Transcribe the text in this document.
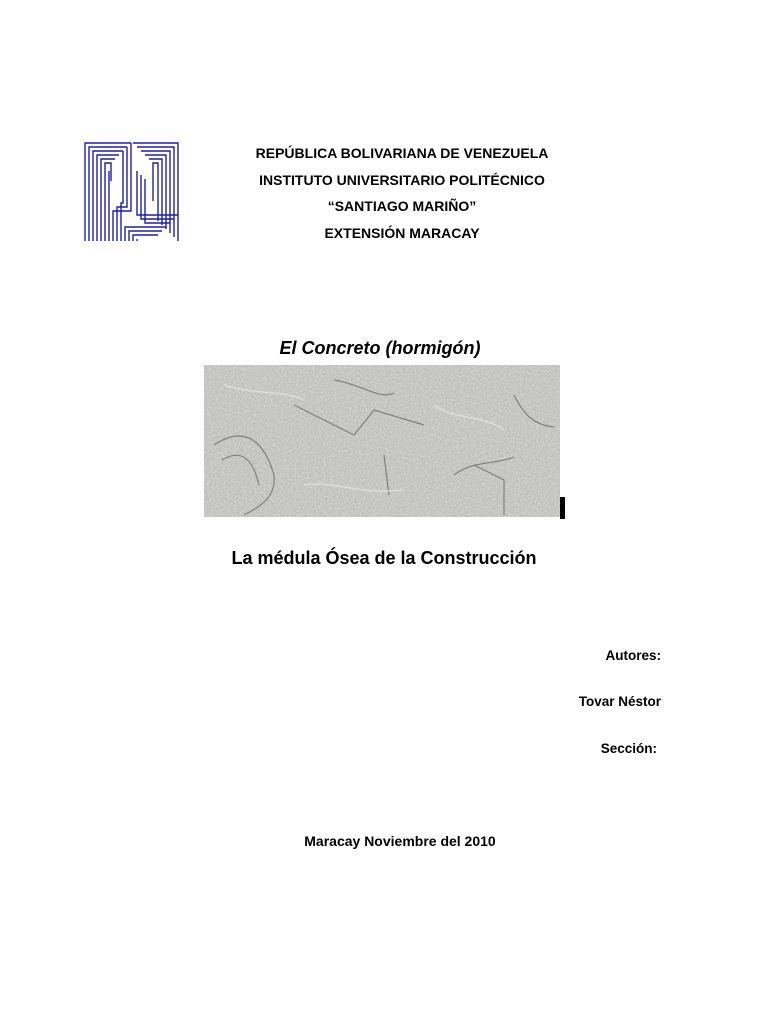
REPÚBLICA BOLIVARIANA DE VENEZUELA
INSTITUTO UNIVERSITARIO POLITÉCNICO
“SANTIAGO MARIÑO”
EXTENSIÓN MARACAY
El Concreto (hormigón)
La médula Ósea de la Construcción
Autores:
Tovar Néstor
Sección:
Maracay Noviembre del 2010
